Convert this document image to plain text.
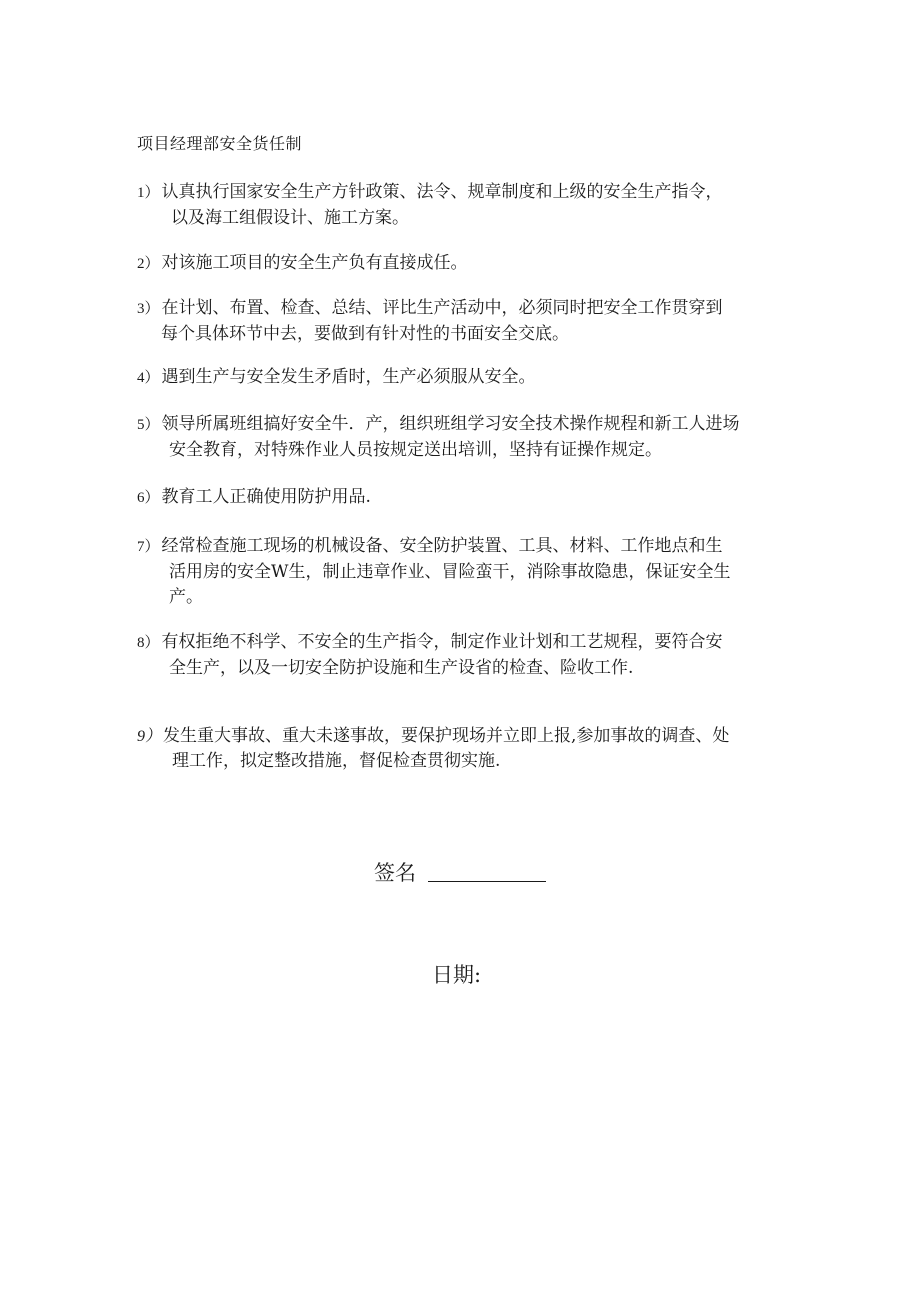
项目经理部安全货任制
1） 认真执行国家安全生产方针政策、法令、规章制度和上级的安全生产指令，
以及海工组假设计、施工方案。
2） 对该施工项目的安全生产负有直接成任。
3） 在计划、布置、检查、总结、评比生产活动中，必须同时把安全工作贯穿到
每个具体环节中去，要做到有针对性的书面安全交底。
4） 遇到生产与安全发生矛盾时，生产必须服从安全。
5） 领导所属班组搞好安全牛．产，组织班组学习安全技术操作规程和新工人进场
安全教育，对特殊作业人员按规定送出培训，坚持有证操作规定。
6） 教育工人正确使用防护用品.
7） 经常检查施工现场的机械设备、安全防护装置、工具、材料、工作地点和生
活用房的安全W生，制止违章作业、冒险蛮干，消除事故隐患，保证安全生
产。
8） 有权拒绝不科学、不安全的生产指令，制定作业计划和工艺规程，要符合安
全生产，以及一切安全防护设施和生产设省的检查、险收工作.
9） 发生重大事故、重大未遂事故，要保护现场并立即上报,参加事故的调查、处
理工作，拟定整改措施，督促检查贯彻实施.
签名
日期:
